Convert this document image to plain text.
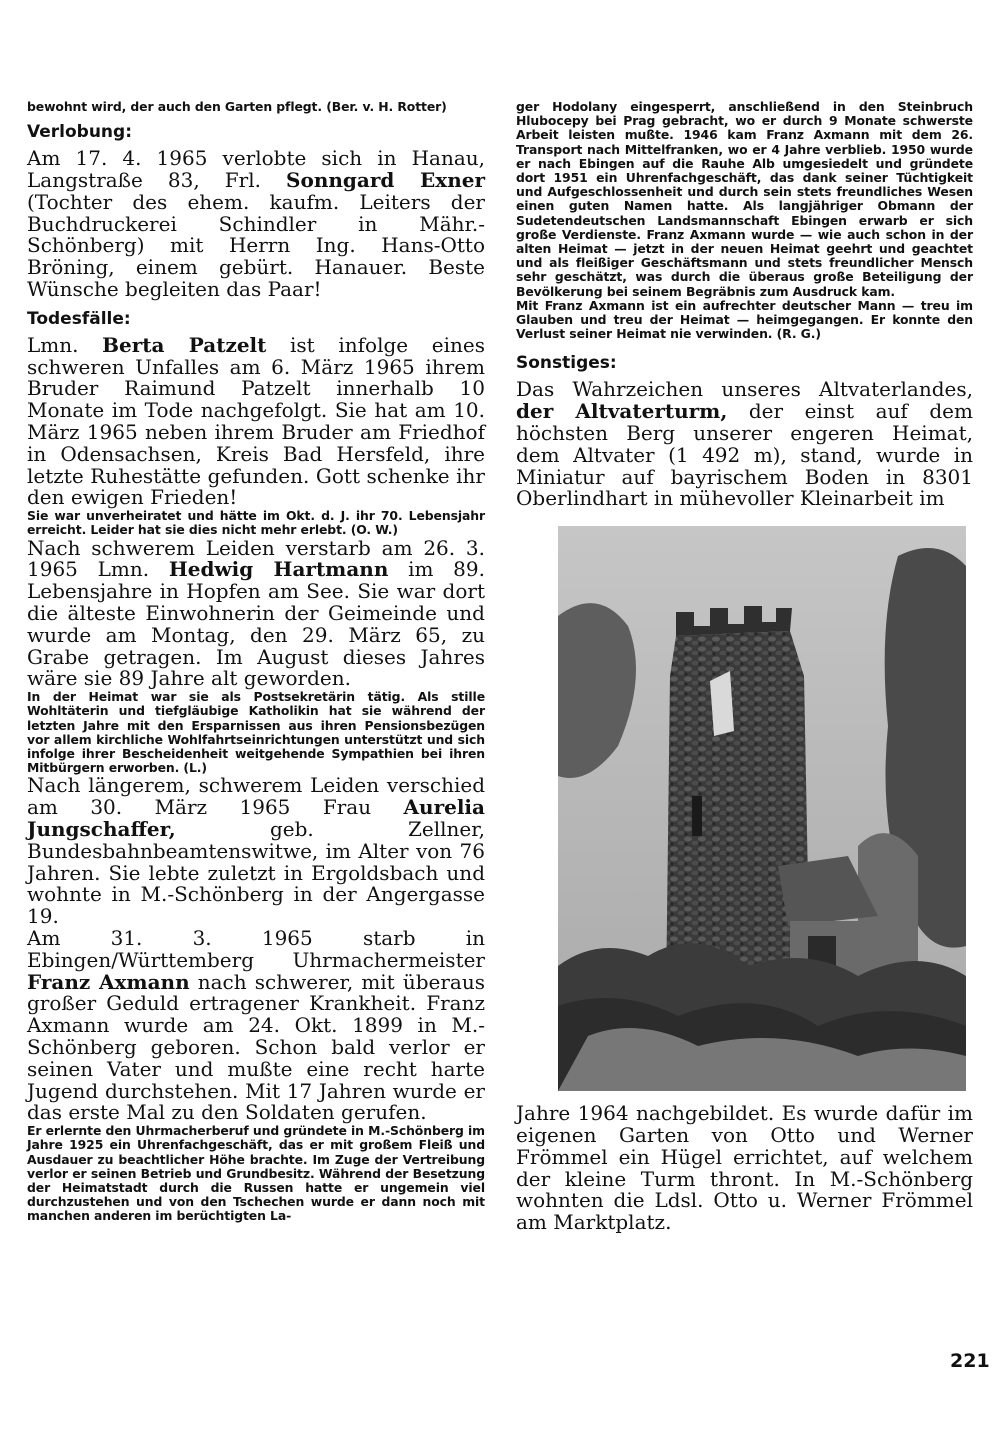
bewohnt wird, der auch den Garten pflegt. (Ber. v. H. Rotter)

Verlobung:

Am 17. 4. 1965 verlobte sich in Hanau, Langstraße 83, Frl. Sonngard Exner (Tochter des ehem. kaufm. Leiters der Buchdruckerei Schindler in Mähr.-Schönberg) mit Herrn Ing. Hans-Otto Bröning, einem gebürt. Hanauer. Beste Wünsche begleiten das Paar!

Todesfälle:

Lmn. Berta Patzelt ist infolge eines schweren Unfalles am 6. März 1965 ihrem Bruder Raimund Patzelt innerhalb 10 Monate im Tode nachgefolgt. Sie hat am 10. März 1965 neben ihrem Bruder am Friedhof in Odensachsen, Kreis Bad Hersfeld, ihre letzte Ruhestätte gefunden. Gott schenke ihr den ewigen Frieden!

Sie war unverheiratet und hätte im Okt. d. J. ihr 70. Lebensjahr erreicht. Leider hat sie dies nicht mehr erlebt. (O. W.)

Nach schwerem Leiden verstarb am 26. 3. 1965 Lmn. Hedwig Hartmann im 89. Lebensjahre in Hopfen am See. Sie war dort die älteste Einwohnerin der Geimeinde und wurde am Montag, den 29. März 65, zu Grabe getragen. Im August dieses Jahres wäre sie 89 Jahre alt geworden.

In der Heimat war sie als Postsekretärin tätig. Als stille Wohltäterin und tiefgläubige Katholikin hat sie während der letzten Jahre mit den Ersparnissen aus ihren Pensionsbezügen vor allem kirchliche Wohlfahrtseinrichtungen unterstützt und sich infolge ihrer Bescheidenheit weitgehende Sympathien bei ihren Mitbürgern erworben. (L.)

Nach längerem, schwerem Leiden verschied am 30. März 1965 Frau Aurelia Jungschaffer, geb. Zellner, Bundesbahnbeamtenswitwe, im Alter von 76 Jahren. Sie lebte zuletzt in Ergoldsbach und wohnte in M.-Schönberg in der Angergasse 19.

Am 31. 3. 1965 starb in Ebingen/Württemberg Uhrmachermeister Franz Axmann nach schwerer, mit überaus großer Geduld ertragener Krankheit. Franz Axmann wurde am 24. Okt. 1899 in M.-Schönberg geboren. Schon bald verlor er seinen Vater und mußte eine recht harte Jugend durchstehen. Mit 17 Jahren wurde er das erste Mal zu den Soldaten gerufen.

Er erlernte den Uhrmacherberuf und gründete in M.-Schönberg im Jahre 1925 ein Uhrenfachgeschäft, das er mit großem Fleiß und Ausdauer zu beachtlicher Höhe brachte. Im Zuge der Vertreibung verlor er seinen Betrieb und Grundbesitz. Während der Besetzung der Heimatstadt durch die Russen hatte er ungemein viel durchzustehen und von den Tschechen wurde er dann noch mit manchen anderen im berüchtigten La-

ger Hodolany eingesperrt, anschließend in den Steinbruch Hlubocepy bei Prag gebracht, wo er durch 9 Monate schwerste Arbeit leisten mußte. 1946 kam Franz Axmann mit dem 26. Transport nach Mittelfranken, wo er 4 Jahre verblieb. 1950 wurde er nach Ebingen auf die Rauhe Alb umgesiedelt und gründete dort 1951 ein Uhrenfachgeschäft, das dank seiner Tüchtigkeit und Aufgeschlossenheit und durch sein stets freundliches Wesen einen guten Namen hatte. Als langjähriger Obmann der Sudetendeutschen Landsmannschaft Ebingen erwarb er sich große Verdienste. Franz Axmann wurde — wie auch schon in der alten Heimat — jetzt in der neuen Heimat geehrt und geachtet und als fleißiger Geschäftsmann und stets freundlicher Mensch sehr geschätzt, was durch die überaus große Beteiligung der Bevölkerung bei seinem Begräbnis zum Ausdruck kam.

Mit Franz Axmann ist ein aufrechter deutscher Mann — treu im Glauben und treu der Heimat — heimgegangen. Er konnte den Verlust seiner Heimat nie verwinden. (R. G.)

Sonstiges:

Das Wahrzeichen unseres Altvaterlandes, der Altvaterturm, der einst auf dem höchsten Berg unserer engeren Heimat, dem Altvater (1 492 m), stand, wurde in Miniatur auf bayrischem Boden in 8301 Oberlindhart in mühevoller Kleinarbeit im

Jahre 1964 nachgebildet. Es wurde dafür im eigenen Garten von Otto und Werner Frömmel ein Hügel errichtet, auf welchem der kleine Turm thront. In M.-Schönberg wohnten die Ldsl. Otto u. Werner Frömmel am Marktplatz.

221
